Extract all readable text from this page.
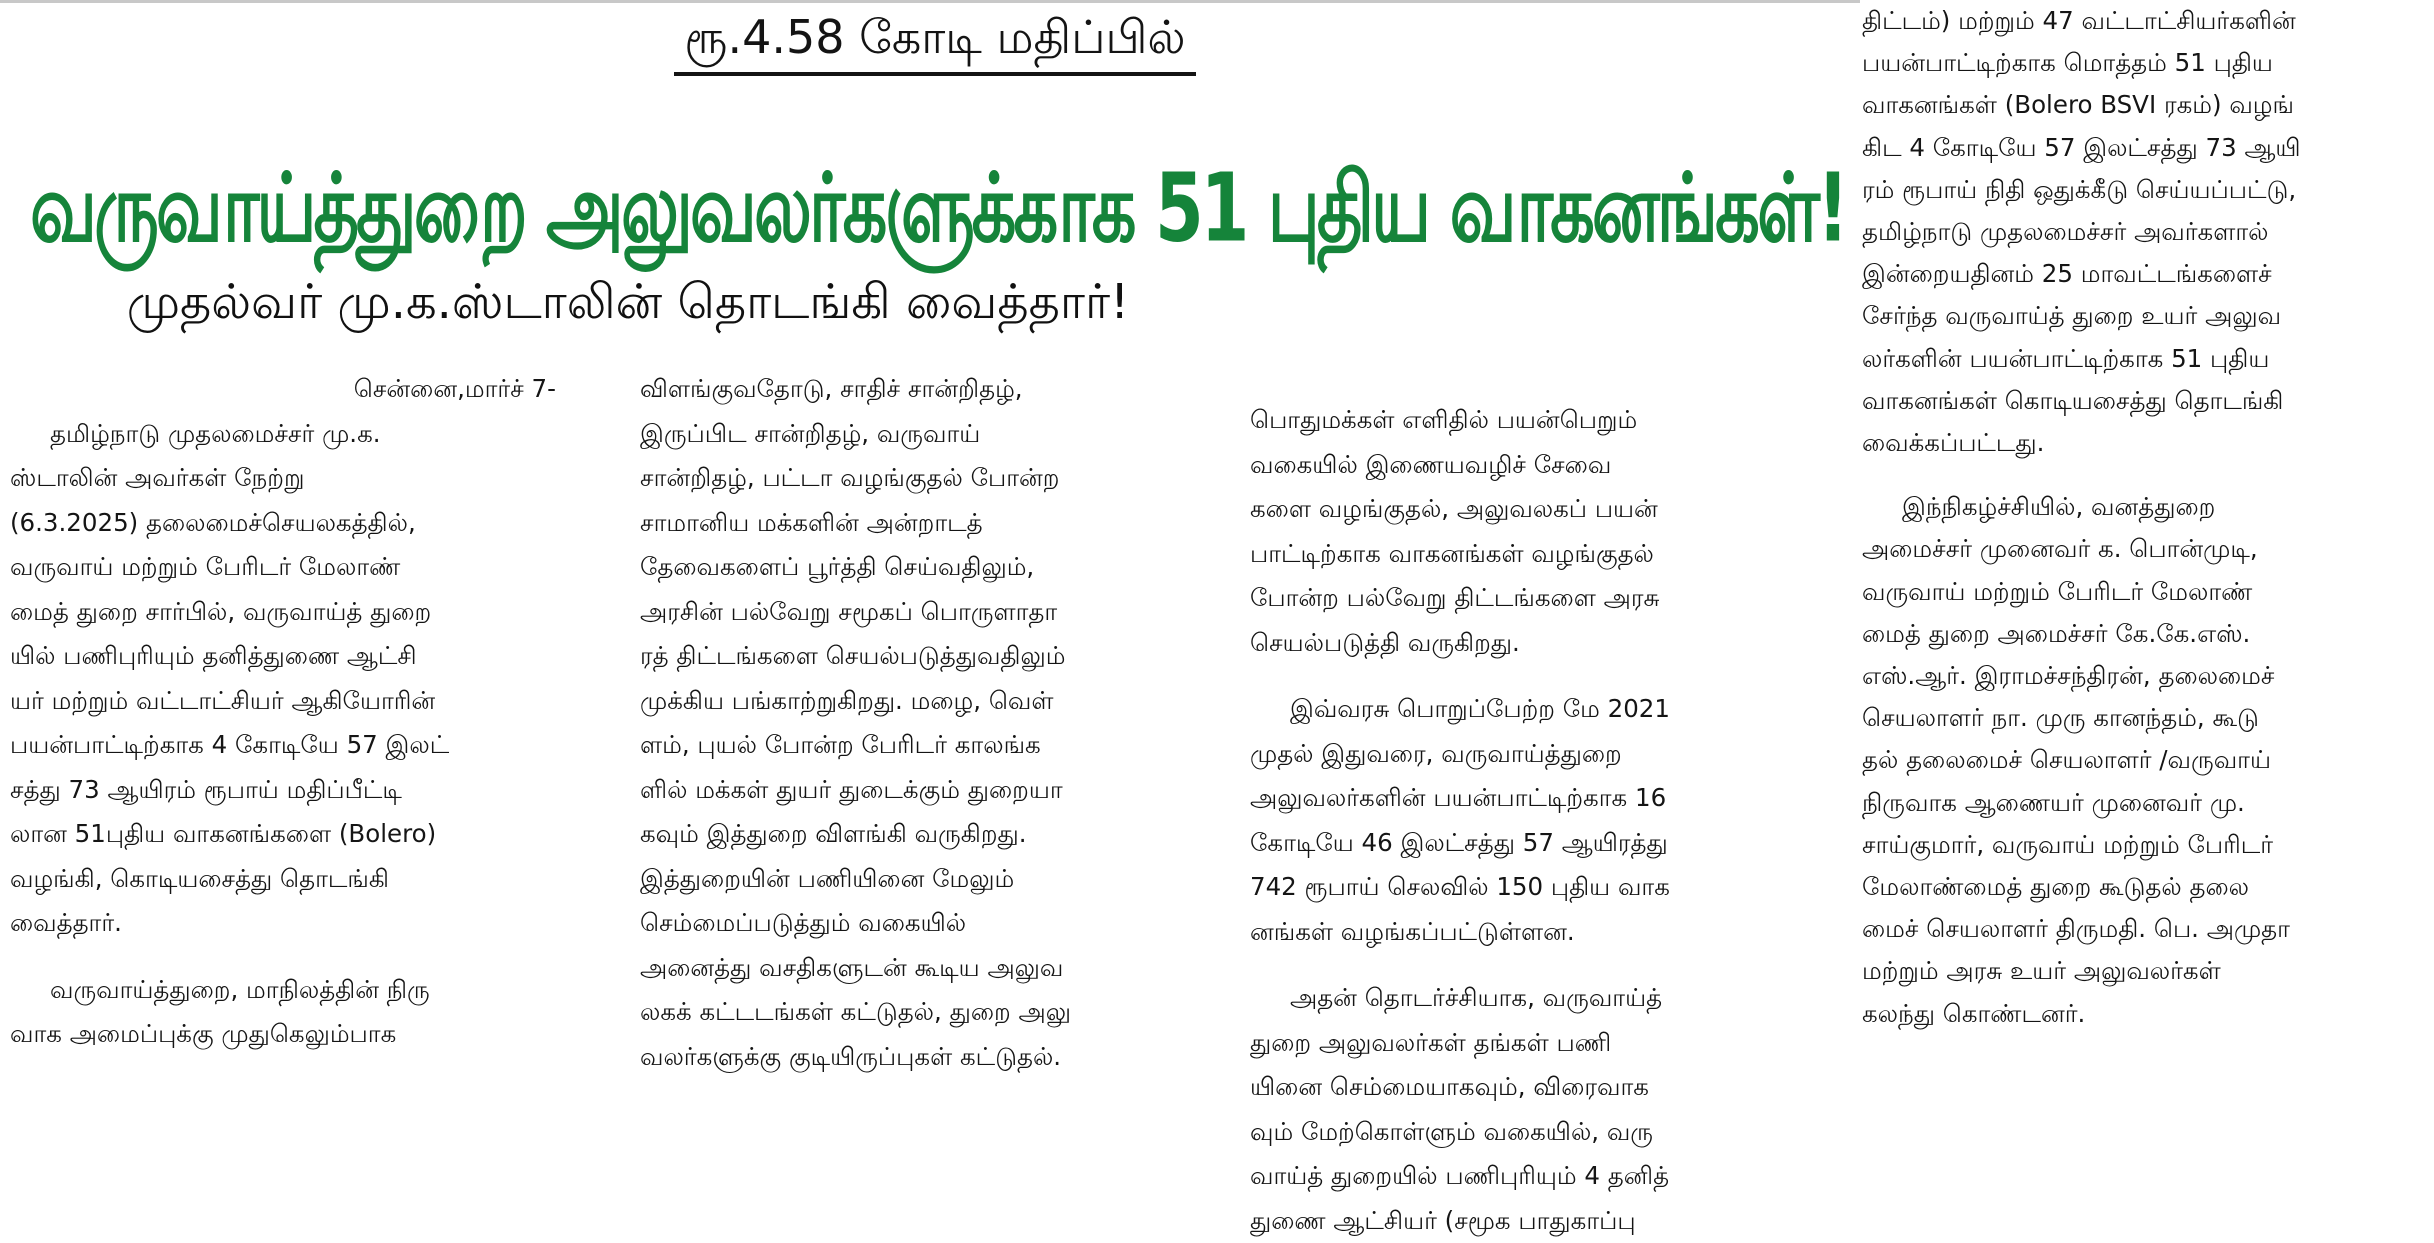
ரூ.4.58 கோடி மதிப்பில்
வருவாய்த்துறை அலுவலர்களுக்காக 51 புதிய வாகனங்கள்!
முதல்வர் மு.க.ஸ்டாலின் தொடங்கி வைத்தார்!

சென்னை,மார்ச் 7-

தமிழ்நாடு முதலமைச்சர் மு.க.

ஸ்டாலின் அவர்கள் நேற்று

(6.3.2025) தலைமைச்செயலகத்தில்,

வருவாய் மற்றும் பேரிடர் மேலாண்

மைத் துறை சார்பில், வருவாய்த் துறை

யில் பணிபுரியும் தனித்துணை ஆட்சி

யர் மற்றும் வட்டாட்சியர் ஆகியோரின்

பயன்பாட்டிற்காக 4 கோடியே 57 இலட்

சத்து 73 ஆயிரம் ரூபாய் மதிப்பீட்டி

லான 51புதிய வாகனங்களை (Bolero)

வழங்கி, கொடியசைத்து தொடங்கி

வைத்தார்.

வருவாய்த்துறை, மாநிலத்தின் நிரு

வாக அமைப்புக்கு முதுகெலும்பாக

விளங்குவதோடு, சாதிச் சான்றிதழ்,

இருப்பிட சான்றிதழ், வருவாய்

சான்றிதழ், பட்டா வழங்குதல் போன்ற

சாமானிய மக்களின் அன்றாடத்

தேவைகளைப் பூர்த்தி செய்வதிலும்,

அரசின் பல்வேறு சமூகப் பொருளாதா

ரத் திட்டங்களை செயல்படுத்துவதிலும்

முக்கிய பங்காற்றுகிறது. மழை, வெள்

ளம், புயல் போன்ற பேரிடர் காலங்க

ளில் மக்கள் துயர் துடைக்கும் துறையா

கவும் இத்துறை விளங்கி வருகிறது.

இத்துறையின் பணியினை மேலும்

செம்மைப்படுத்தும் வகையில்

அனைத்து வசதிகளுடன் கூடிய அலுவ

லகக் கட்டடங்கள் கட்டுதல், துறை அலு

வலர்களுக்கு குடியிருப்புகள் கட்டுதல்.

பொதுமக்கள் எளிதில் பயன்பெறும்

வகையில் இணையவழிச் சேவை

களை வழங்குதல், அலுவலகப் பயன்

பாட்டிற்காக வாகனங்கள் வழங்குதல்

போன்ற பல்வேறு திட்டங்களை அரசு

செயல்படுத்தி வருகிறது.

இவ்வரசு பொறுப்பேற்ற மே 2021

முதல் இதுவரை, வருவாய்த்துறை

அலுவலர்களின் பயன்பாட்டிற்காக 16

கோடியே 46 இலட்சத்து 57 ஆயிரத்து

742 ரூபாய் செலவில் 150 புதிய வாக

னங்கள் வழங்கப்பட்டுள்ளன.

அதன் தொடர்ச்சியாக, வருவாய்த்

துறை அலுவலர்கள் தங்கள் பணி

யினை செம்மையாகவும், விரைவாக

வும் மேற்கொள்ளும் வகையில், வரு

வாய்த் துறையில் பணிபுரியும் 4 தனித்

துணை ஆட்சியர் (சமூக பாதுகாப்பு

திட்டம்) மற்றும் 47 வட்டாட்சியர்களின்

பயன்பாட்டிற்காக மொத்தம் 51 புதிய

வாகனங்கள் (Bolero BSVI ரகம்) வழங்

கிட 4 கோடியே 57 இலட்சத்து 73 ஆயி

ரம் ரூபாய் நிதி ஒதுக்கீடு செய்யப்பட்டு,

தமிழ்நாடு முதலமைச்சர் அவர்களால்

இன்றையதினம் 25 மாவட்டங்களைச்

சேர்ந்த வருவாய்த் துறை உயர் அலுவ

லர்களின் பயன்பாட்டிற்காக 51 புதிய

வாகனங்கள் கொடியசைத்து தொடங்கி

வைக்கப்பட்டது.

இந்நிகழ்ச்சியில், வனத்துறை

அமைச்சர் முனைவர் க. பொன்முடி,

வருவாய் மற்றும் பேரிடர் மேலாண்

மைத் துறை அமைச்சர் கே.கே.எஸ்.

எஸ்.ஆர். இராமச்சந்திரன், தலைமைச்

செயலாளர் நா. முரு கானந்தம், கூடு

தல் தலைமைச் செயலாளர் /வருவாய்

நிருவாக ஆணையர் முனைவர் மு.

சாய்குமார், வருவாய் மற்றும் பேரிடர்

மேலாண்மைத் துறை கூடுதல் தலை

மைச் செயலாளர் திருமதி. பெ. அமுதா

மற்றும் அரசு உயர் அலுவலர்கள்

கலந்து கொண்டனர்.
